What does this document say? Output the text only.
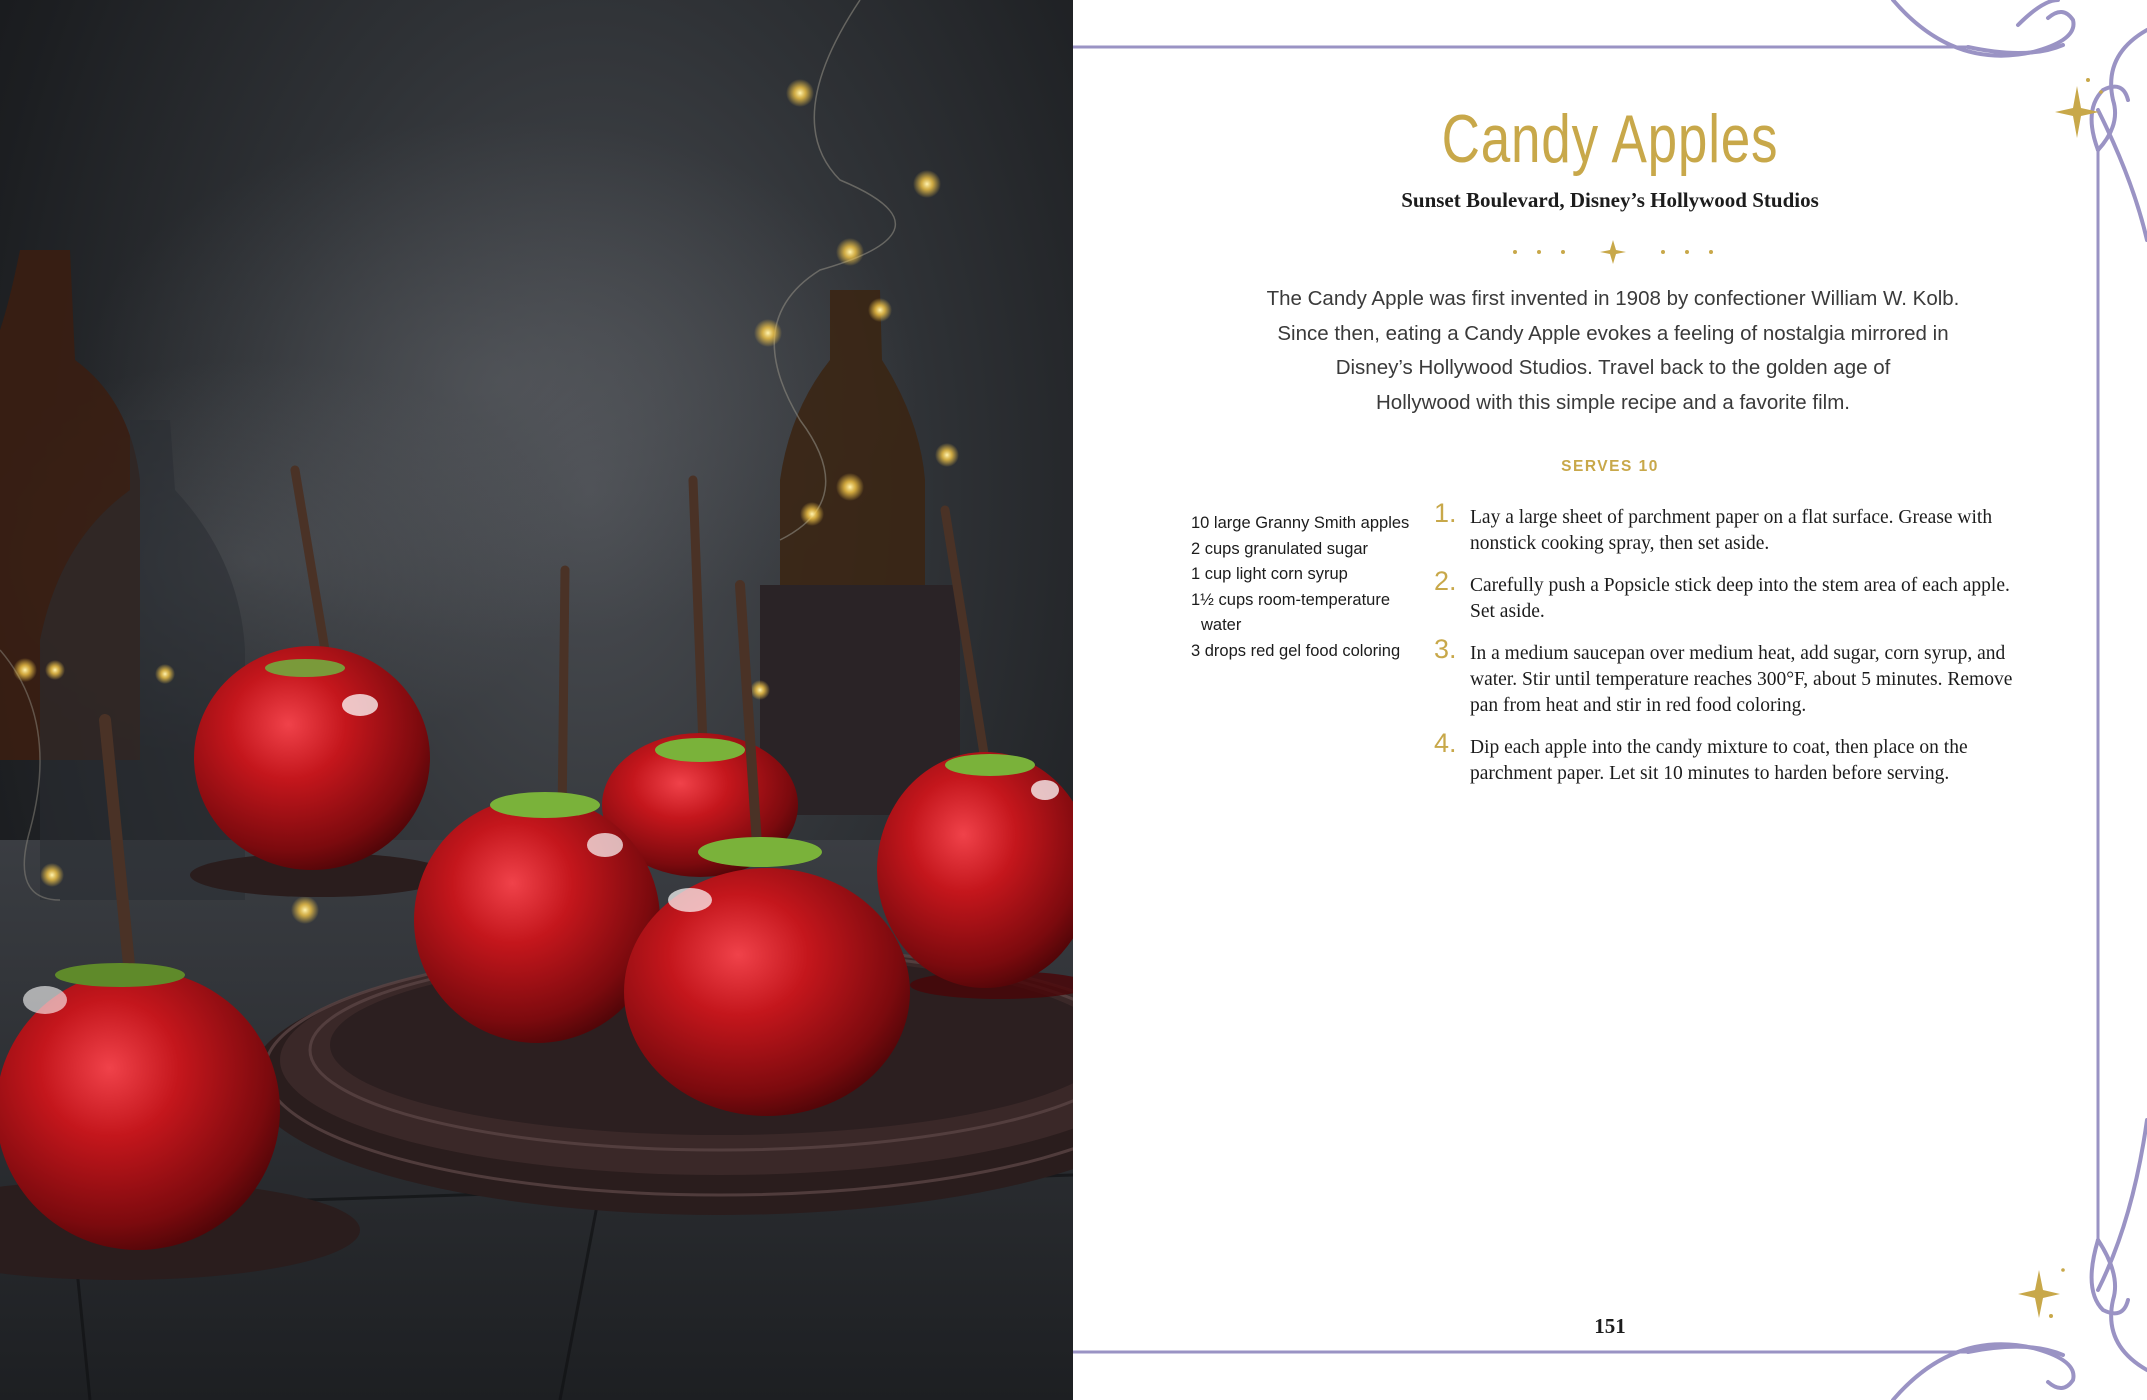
Candy Apples
Sunset Boulevard, Disney’s Hollywood Studios
The Candy Apple was first invented in 1908 by confectioner William W. Kolb.
Since then, eating a Candy Apple evokes a feeling of nostalgia mirrored in
Disney’s Hollywood Studios. Travel back to the golden age of
Hollywood with this simple recipe and a favorite film.
SERVES 10
10 large Granny Smith apples
2 cups granulated sugar
1 cup light corn syrup
1½ cups room-temperature water
3 drops red gel food coloring
1. Lay a large sheet of parchment paper on a flat surface. Grease with nonstick cooking spray, then set aside.
2. Carefully push a Popsicle stick deep into the stem area of each apple. Set aside.
3. In a medium saucepan over medium heat, add sugar, corn syrup, and water. Stir until temperature reaches 300°F, about 5 minutes. Remove pan from heat and stir in red food coloring.
4. Dip each apple into the candy mixture to coat, then place on the parchment paper. Let sit 10 minutes to harden before serving.
151
